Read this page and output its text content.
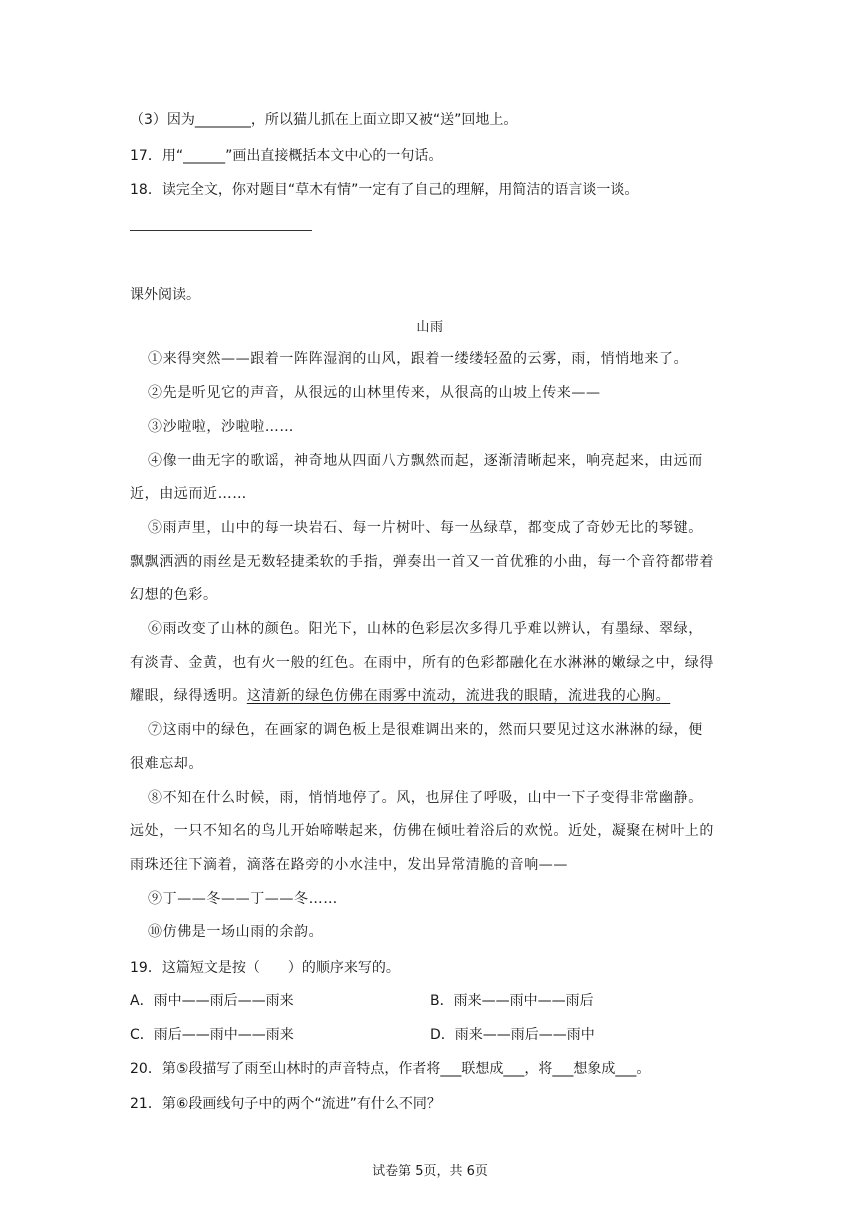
（3）因为________，所以猫儿抓在上面立即又被“送”回地上。
17．用“______”画出直接概括本文中心的一句话。
18．读完全文，你对题目“草木有情”一定有了自己的理解，用简洁的语言谈一谈。
课外阅读。
山雨
①来得突然——跟着一阵阵湿润的山风，跟着一缕缕轻盈的云雾，雨，悄悄地来了。
②先是听见它的声音，从很远的山林里传来，从很高的山坡上传来——
③沙啦啦，沙啦啦……
④像一曲无字的歌谣，神奇地从四面八方飘然而起，逐渐清晰起来，响亮起来，由远而
近，由远而近……
⑤雨声里，山中的每一块岩石、每一片树叶、每一丛绿草，都变成了奇妙无比的琴键。
飘飘洒洒的雨丝是无数轻捷柔软的手指，弹奏出一首又一首优雅的小曲，每一个音符都带着
幻想的色彩。
⑥雨改变了山林的颜色。阳光下，山林的色彩层次多得几乎难以辨认，有墨绿、翠绿，
有淡青、金黄，也有火一般的红色。在雨中，所有的色彩都融化在水淋淋的嫩绿之中，绿得
耀眼，绿得透明。这清新的绿色仿佛在雨雾中流动，流进我的眼睛，流进我的心胸。
⑦这雨中的绿色，在画家的调色板上是很难调出来的，然而只要见过这水淋淋的绿，便
很难忘却。
⑧不知在什么时候，雨，悄悄地停了。风，也屏住了呼吸，山中一下子变得非常幽静。
远处，一只不知名的鸟儿开始啼啭起来，仿佛在倾吐着浴后的欢悦。近处，凝聚在树叶上的
雨珠还往下滴着，滴落在路旁的小水洼中，发出异常清脆的音响——
⑨丁——冬——丁——冬……
⑩仿佛是一场山雨的余韵。
19．这篇短文是按（　　）的顺序来写的。
A．雨中——雨后——雨来	B．雨来——雨中——雨后
C．雨后——雨中——雨来	D．雨来——雨后——雨中
20．第⑤段描写了雨至山林时的声音特点，作者将___联想成___，将___想象成___。
21．第⑥段画线句子中的两个“流进”有什么不同？
试卷第 5页，共 6页
